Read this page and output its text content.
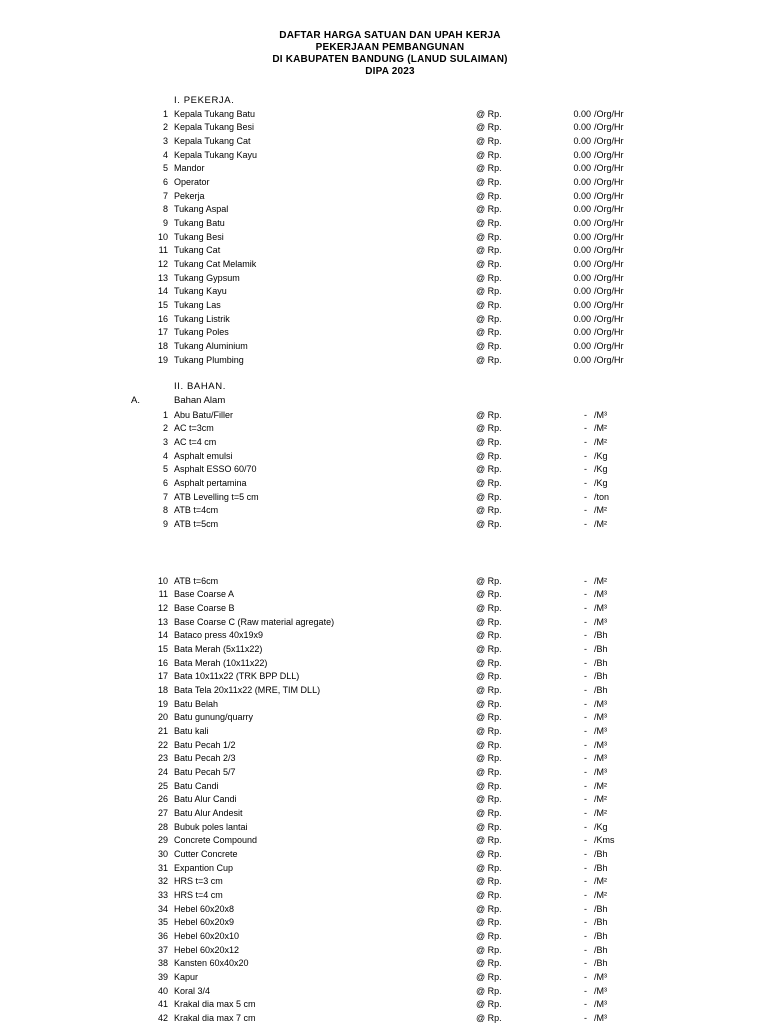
DAFTAR HARGA SATUAN DAN UPAH KERJA
PEKERJAAN PEMBANGUNAN
DI KABUPATEN BANDUNG (LANUD SULAIMAN)
DIPA 2023
I. PEKERJA.
1 Kepala Tukang Batu	@ Rp.	0.00 /Org/Hr
2 Kepala Tukang Besi	@ Rp.	0.00 /Org/Hr
3 Kepala Tukang Cat	@ Rp.	0.00 /Org/Hr
4 Kepala Tukang Kayu	@ Rp.	0.00 /Org/Hr
5 Mandor	@ Rp.	0.00 /Org/Hr
6 Operator	@ Rp.	0.00 /Org/Hr
7 Pekerja	@ Rp.	0.00 /Org/Hr
8 Tukang Aspal	@ Rp.	0.00 /Org/Hr
9 Tukang Batu	@ Rp.	0.00 /Org/Hr
10 Tukang Besi	@ Rp.	0.00 /Org/Hr
11 Tukang Cat	@ Rp.	0.00 /Org/Hr
12 Tukang Cat Melamik	@ Rp.	0.00 /Org/Hr
13 Tukang Gypsum	@ Rp.	0.00 /Org/Hr
14 Tukang Kayu	@ Rp.	0.00 /Org/Hr
15 Tukang Las	@ Rp.	0.00 /Org/Hr
16 Tukang Listrik	@ Rp.	0.00 /Org/Hr
17 Tukang Poles	@ Rp.	0.00 /Org/Hr
18 Tukang Aluminium	@ Rp.	0.00 /Org/Hr
19 Tukang Plumbing	@ Rp.	0.00 /Org/Hr
II. BAHAN.
A.	Bahan Alam
1 Abu Batu/Filler	@ Rp.	- /M³
2 AC t=3cm	@ Rp.	- /M²
3 AC t=4 cm	@ Rp.	- /M²
4 Asphalt emulsi	@ Rp.	- /Kg
5 Asphalt ESSO 60/70	@ Rp.	- /Kg
6 Asphalt pertamina	@ Rp.	- /Kg
7 ATB Levelling t=5 cm	@ Rp.	- /ton
8 ATB t=4cm	@ Rp.	- /M²
9 ATB t=5cm	@ Rp.	- /M²
10 ATB t=6cm	@ Rp.	- /M²
11 Base Coarse A	@ Rp.	- /M³
12 Base Coarse B	@ Rp.	- /M³
13 Base Coarse C (Raw material agregate)	@ Rp.	- /M³
14 Bataco press 40x19x9	@ Rp.	- /Bh
15 Bata Merah (5x11x22)	@ Rp.	- /Bh
16 Bata Merah (10x11x22)	@ Rp.	- /Bh
17 Bata 10x11x22 (TRK BPP DLL)	@ Rp.	- /Bh
18 Bata Tela 20x11x22 (MRE, TIM DLL)	@ Rp.	- /Bh
19 Batu Belah	@ Rp.	- /M³
20 Batu gunung/quarry	@ Rp.	- /M³
21 Batu kali	@ Rp.	- /M³
22 Batu Pecah 1/2	@ Rp.	- /M³
23 Batu Pecah 2/3	@ Rp.	- /M³
24 Batu Pecah 5/7	@ Rp.	- /M³
25 Batu Candi	@ Rp.	- /M²
26 Batu Alur Candi	@ Rp.	- /M²
27 Batu Alur Andesit	@ Rp.	- /M²
28 Bubuk poles lantai	@ Rp.	- /Kg
29 Concrete Compound	@ Rp.	- /Kms
30 Cutter Concrete	@ Rp.	- /Bh
31 Expantion Cup	@ Rp.	- /Bh
32 HRS t=3 cm	@ Rp.	- /M²
33 HRS t=4 cm	@ Rp.	- /M²
34 Hebel 60x20x8	@ Rp.	- /Bh
35 Hebel 60x20x9	@ Rp.	- /Bh
36 Hebel 60x20x10	@ Rp.	- /Bh
37 Hebel 60x20x12	@ Rp.	- /Bh
38 Kansten 60x40x20	@ Rp.	- /Bh
39 Kapur	@ Rp.	- /M³
40 Koral 3/4	@ Rp.	- /M³
41 Krakal dia max 5 cm	@ Rp.	- /M³
42 Krakal dia max 7 cm	@ Rp.	- /M³
